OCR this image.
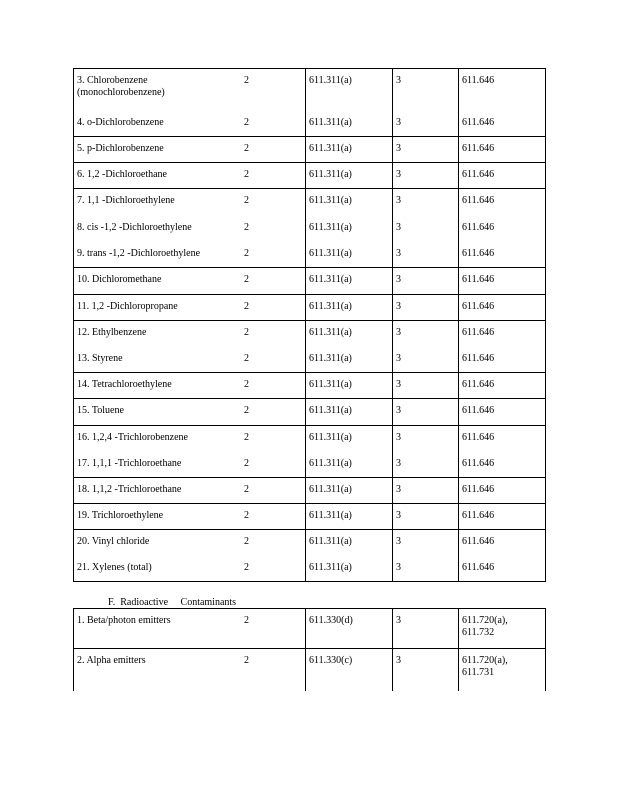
3. Chlorobenzene
(monochlorobenzene)
2	611.311(a)	3	611.646
4. o-Dichlorobenzene 2	611.311(a)	3	611.646
5. p-Dichlorobenzene 2	611.311(a)	3	611.646
6. 1,2 -Dichloroethane 2	611.311(a)	3	611.646
7. 1,1 -Dichloroethylene 2	611.311(a)	3	611.646
8. cis -1,2 -Dichloroethylene 2	611.311(a)	3	611.646
9. trans -1,2 -Dichloroethylene 2	611.311(a)	3	611.646
10. Dichloromethane 2	611.311(a)	3	611.646
11. 1,2 -Dichloropropane 2	611.311(a)	3	611.646
12. Ethylbenzene 2	611.311(a)	3	611.646
13. Styrene 2	611.311(a)	3	611.646
14. Tetrachloroethylene 2	611.311(a)	3	611.646
15. Toluene 2	611.311(a)	3	611.646
16. 1,2,4 -Trichlorobenzene 2	611.311(a)	3	611.646
17. 1,1,1 -Trichloroethane 2	611.311(a)	3	611.646
18. 1,1,2 -Trichloroethane 2	611.311(a)	3	611.646
19. Trichloroethylene 2	611.311(a)	3	611.646
20. Vinyl chloride 2	611.311(a)	3	611.646
21. Xylenes (total) 2	611.311(a)	3	611.646
F.  Radioactive     Contaminants
1. Beta/photon emitters 2	611.330(d)	3	611.720(a),
611.732
2. Alpha emitters 2	611.330(c)	3	611.720(a),
611.731
